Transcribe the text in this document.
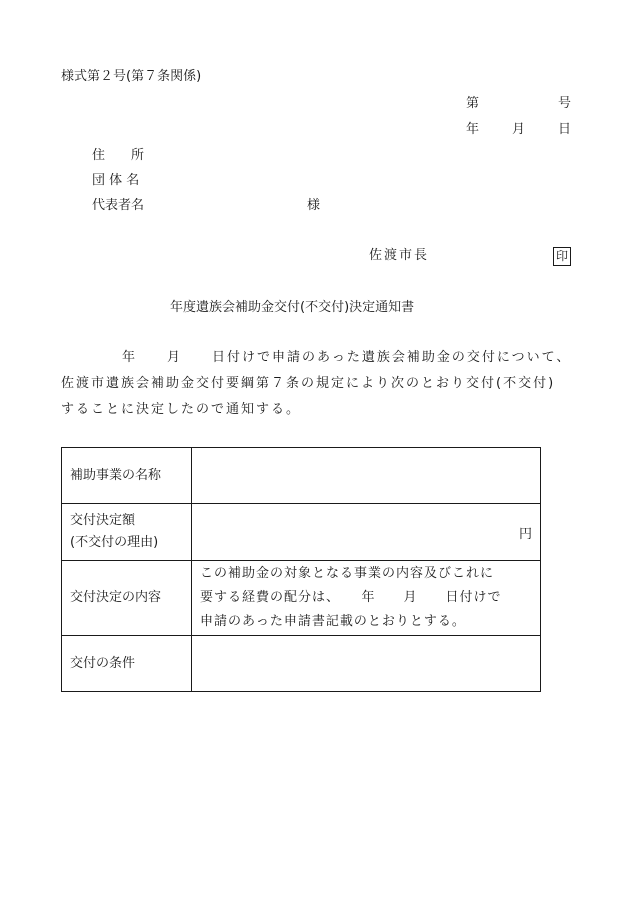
様式第２号(第７条関係)
第	号
年	月	日
住　　所
団 体 名
代表者名	様
佐渡市長	印
年度遺族会補助金交付(不交付)決定通知書
年　　月　　日付けで申請のあった遺族会補助金の交付について、
佐渡市遺族会補助金交付要綱第７条の規定により次のとおり交付(不交付)
することに決定したので通知する。
補助事業の名称	

交付決定額
(不交付の理由)	円
交付決定の内容	この補助金の対象となる事業の内容及びこれに
要する経費の配分は、　　年　　月　　日付けで
申請のあった申請書記載のとおりとする。

交付の条件	
